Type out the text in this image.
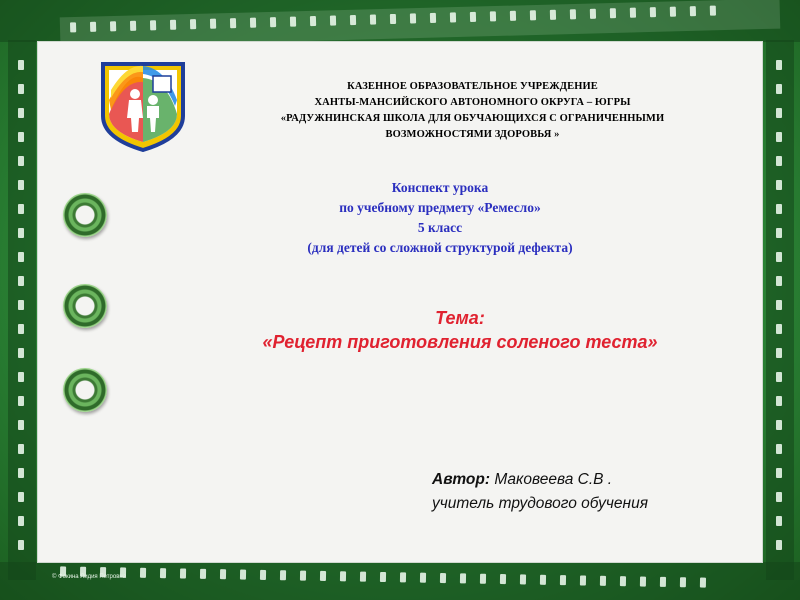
КАЗЕННОЕ ОБРАЗОВАТЕЛЬНОЕ УЧРЕЖДЕНИЕ
ХАНТЫ-МАНСИЙСКОГО АВТОНОМНОГО ОКРУГА – ЮГРЫ
«РАДУЖНИНСКАЯ ШКОЛА ДЛЯ ОБУЧАЮЩИХСЯ С ОГРАНИЧЕННЫМИ
ВОЗМОЖНОСТЯМИ ЗДОРОВЬЯ »
Конспект урока
по учебному предмету «Ремесло»
5 класс
(для детей со сложной структурой дефекта)
Тема:
«Рецепт приготовления соленого теста»
Автор: Маковеева С.В .
учитель трудового обучения
© Фокина Лидия Петровна
